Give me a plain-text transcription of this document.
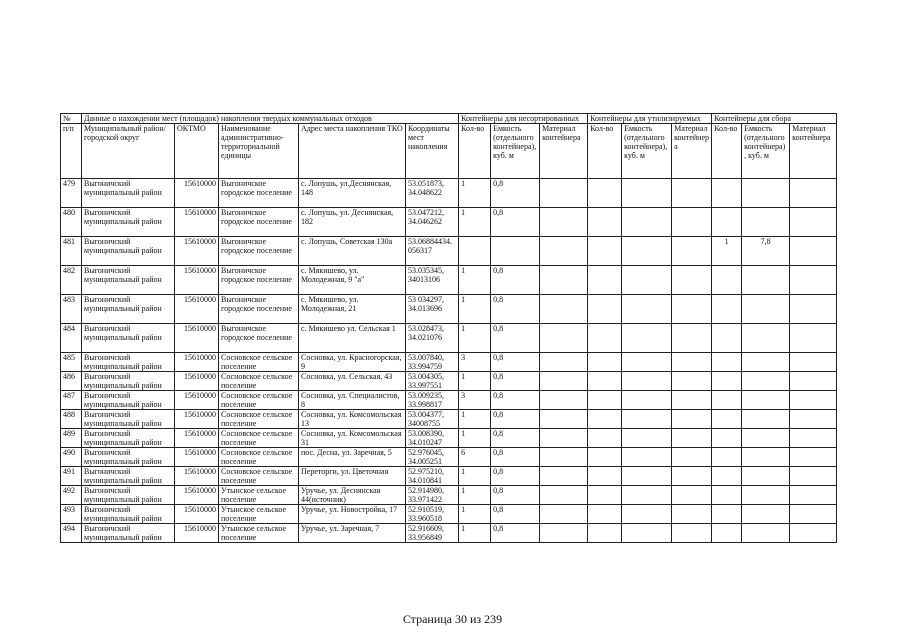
№	Данные о нахождении мест (площадок) накопления твердых коммунальных отходов					Контейнеры для несортированных			Контейнеры для утилизируемых			Контейнеры для сбора		
п/п	Муниципальный район/городской округ	ОКТМО	Наименование административно-территориальной единицы	Адрес места накопления ТКО	Координаты мест накопления	Кол-во	Емкость (отдельного контейнера), куб. м	Материал контейнера	Кол-во	Емкость (отдельного контейнера), куб. м	Материал контейнер а	Кол-во	Емкость (отдельного контейнера), куб. м	Материал контейнера
479	Выгоничский муниципальный район	15610000	Выгоничское городское поселение	с. Лопушь, ул.Деснянская, 148	53.051873, 34.048622	1	0,8							
480	Выгоничский муниципальный район	15610000	Выгоничское городское поселение	с. Лопушь, ул. Деснянская, 182	53.047212, 34.046262	1	0,8							
481	Выгоничский муниципальный район	15610000	Выгоничское городское поселение	с. Лопушь, Советская 130а	53.06884434. 056317							1	7,8	
482	Выгоничский муниципальный район	15610000	Выгоничское городское поселение	с. Мякишево, ул. Молодежная, 9 "а"	53.035345, 34013106	1	0,8							
483	Выгоничский муниципальный район	15610000	Выгоничское городское поселение	с. Мякишево, ул. Молодежная, 21	53 034297, 34.013696	1	0,8							
484	Выгоничский муниципальный район	15610000	Выгоничское городское поселение	с. Мякишево ул. Сельская 1	53.028473, 34.021076	1	0,8							
485	Выгоничский муниципальный район	15610000	Сосновское сельское поселение	Сосновка, ул. Красногорская, 9	53.007840, 33.994759	3	0,8							
486	Выгоничский муниципальный район	15610000	Сосновское сельское поселение	Сосновка, ул. Сельская, 43	53.004305, 33.997551	1	0,8							
487	Выгоничский муниципальный район	15610000	Сосновское сельское поселение	Сосновка, ул. Специалистов, 8	53.009235, 33.998817	3	0,8							
488	Выгоничский муниципальный район	15610000	Сосновское сельское поселение	Сосновка, ул. Комсомольская 13	53.004377, 34008755	1	0,8							
489	Выгоничский муниципальный район	15610000	Сосновское сельское поселение	Сосновка, ул. Комсомольская 31	53.008390, 34.010247	1	0,8							
490	Выгоничский муниципальный район	15610000	Сосновское сельское поселение	пос. Десна, ул. Заречная, 5	52.976045, 34.005251	6	0,8							
491	Выгоничский муниципальный район	15610000	Сосновское сельское поселение	Переторги, ул. Цветочная	52.975210, 34.010841	1	0,8							
492	Выгоничский муниципальный район	15610000	Утынское сельское поселение	Уручье, ул. Деснянская 44(источник)	52.914980, 33.971422	1	0,8							
493	Выгоничский муниципальный район	15610000	Утынское сельское поселение	Уручье, ул. Новостройка, 17	52.910519, 33.960518	1	0,8							
494	Выгоничский муниципальный район	15610000	Утынское сельское поселение	Уручье, ул. Заречная, 7	52.916609, 33.956849	1	0,8							
Страница 30 из 239
